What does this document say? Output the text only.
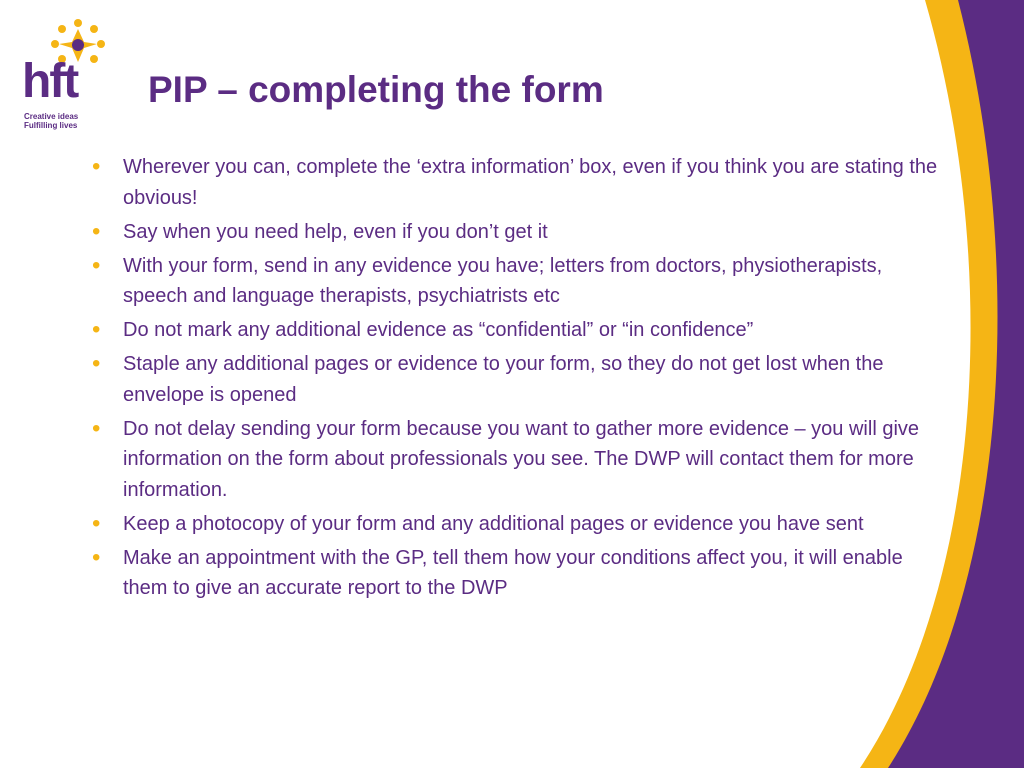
hft
Creative ideas
Fulfilling lives
PIP – completing the form
• Wherever you can, complete the ‘extra information’ box, even if you think you are stating the obvious!
• Say when you need help, even if you don’t get it
• With your form, send in any evidence you have; letters from doctors, physiotherapists, speech and language therapists, psychiatrists etc
• Do not mark any additional evidence as “confidential” or “in confidence”
• Staple any additional pages or evidence to your form, so they do not get lost when the envelope is opened
• Do not delay sending your form because you want to gather more evidence – you will give information on the form about professionals you see. The DWP will contact them for more information.
• Keep a photocopy of your form and any additional pages or evidence you have sent
• Make an appointment with the GP, tell them how your conditions affect you, it will enable them to give an accurate report to the DWP
